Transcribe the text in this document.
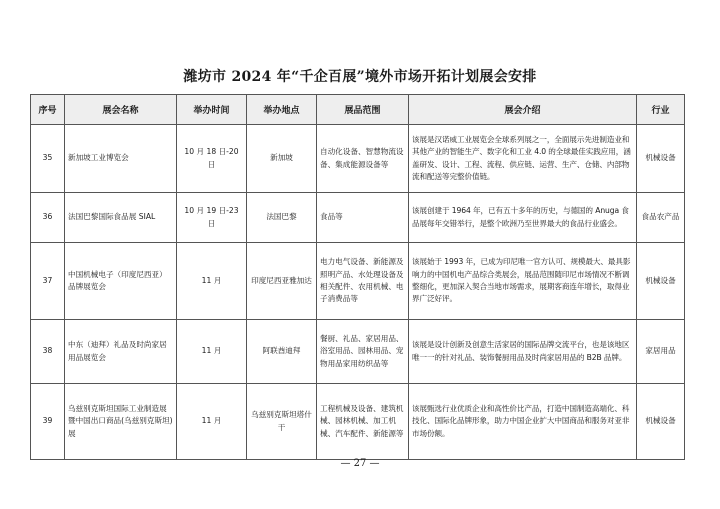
潍坊市 2024 年“千企百展”境外市场开拓计划展会安排
序号	展会名称	举办时间	举办地点	展品范围	展会介绍	行业
35	新加坡工业博览会	10 月 18 日-20 日	新加坡	自动化设备、智慧物流设备、集成能源设备等	该展是汉诺威工业展览会全球系列展之一，全面展示先进制造业和其他产业的智能生产、数字化和工业 4.0 的全球最佳实践应用，涵盖研发、设计、工程、流程、供应链、运营、生产、仓储、内部物流和配送等完整价值链。	机械设备
36	法国巴黎国际食品展 SIAL	10 月 19 日-23 日	法国巴黎	食品等	该展创建于 1964 年，已有五十多年的历史，与德国的 Anuga 食品展每年交错举行，是整个欧洲乃至世界最大的食品行业盛会。	食品农产品
37	中国机械电子（印度尼西亚）品牌展览会	11 月	印度尼西亚雅加达	电力电气设备、新能源及照明产品、水处理设备及相关配件、农用机械、电子消费品等	该展始于 1993 年，已成为印尼唯一官方认可、规模最大、最具影响力的中国机电产品综合类展会，展品范围随印尼市场情况不断调整细化，更加深入契合当地市场需求，展期客商连年增长，取得业界广泛好评。	机械设备
38	中东（迪拜）礼品及时尚家居用品展览会	11 月	阿联酋迪拜	餐厨、礼品、家居用品、浴室用品、园林用品、宠物用品家用纺织品等	该展是设计创新及创意生活家居的国际品牌交流平台，也是该地区唯一一的针对礼品、装饰餐厨用品及时尚家居用品的 B2B 品牌。	家居用品
39	乌兹别克斯坦国际工业制造展暨中国出口商品(乌兹别克斯坦)展	11 月	乌兹别克斯坦塔什干	工程机械及设备、建筑机械、园林机械、加工机械、汽车配件、新能源等	该展甄选行业优质企业和高性价比产品，打造中国制造高端化、科技化、国际化品牌形象，助力中国企业扩大中国商品和服务对亚非市场份额。	机械设备
— 27 —
